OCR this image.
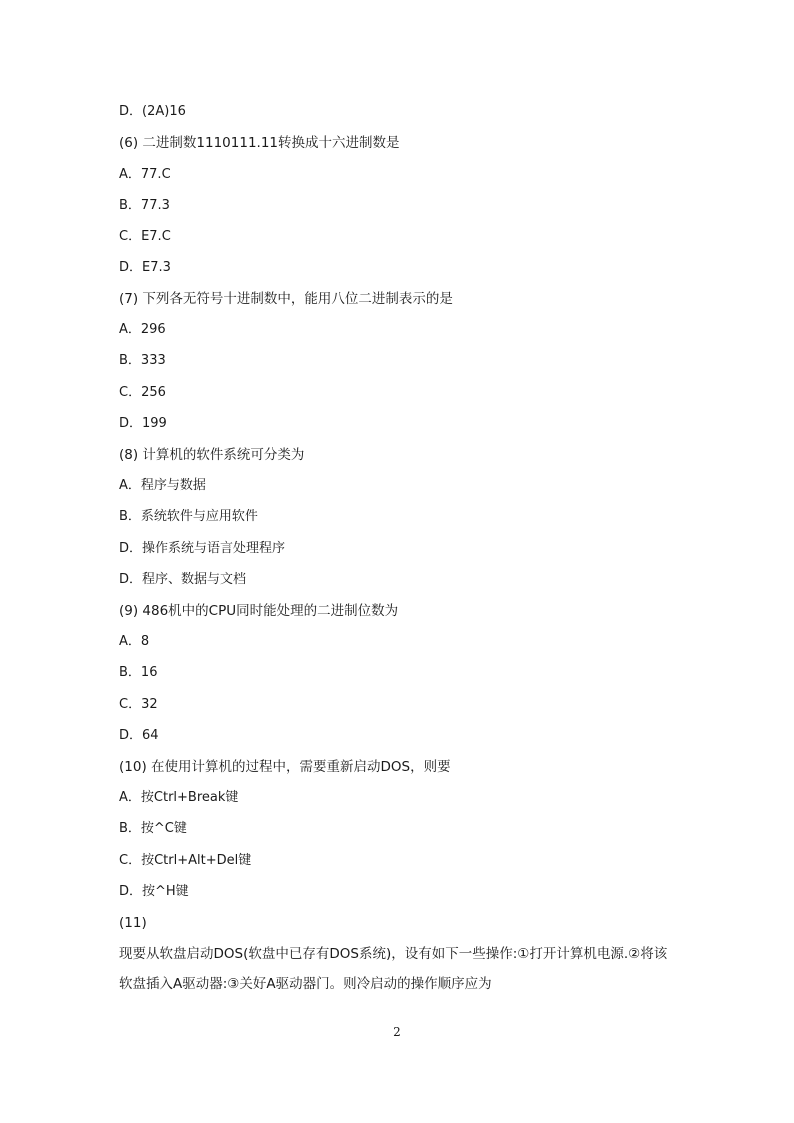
D．(2A)16
(6) 二进制数1110111.11转换成十六进制数是
A．77.C
B．77.3
C．E7.C
D．E7.3
(7) 下列各无符号十进制数中，能用八位二进制表示的是
A．296
B．333
C．256
D．199
(8) 计算机的软件系统可分类为
A．程序与数据
B．系统软件与应用软件
D．操作系统与语言处理程序
D．程序、数据与文档
(9) 486机中的CPU同时能处理的二进制位数为
A．8
B．16
C．32
D．64
(10) 在使用计算机的过程中，需要重新启动DOS，则要
A．按Ctrl+Break键
B．按^C键
C．按Ctrl+Alt+Del键
D．按^H键
(11)
现要从软盘启动DOS(软盘中已存有DOS系统)，设有如下一些操作:①打开计算机电源.②将该软盘插入A驱动器:③关好A驱动器门。则冷启动的操作顺序应为
2
